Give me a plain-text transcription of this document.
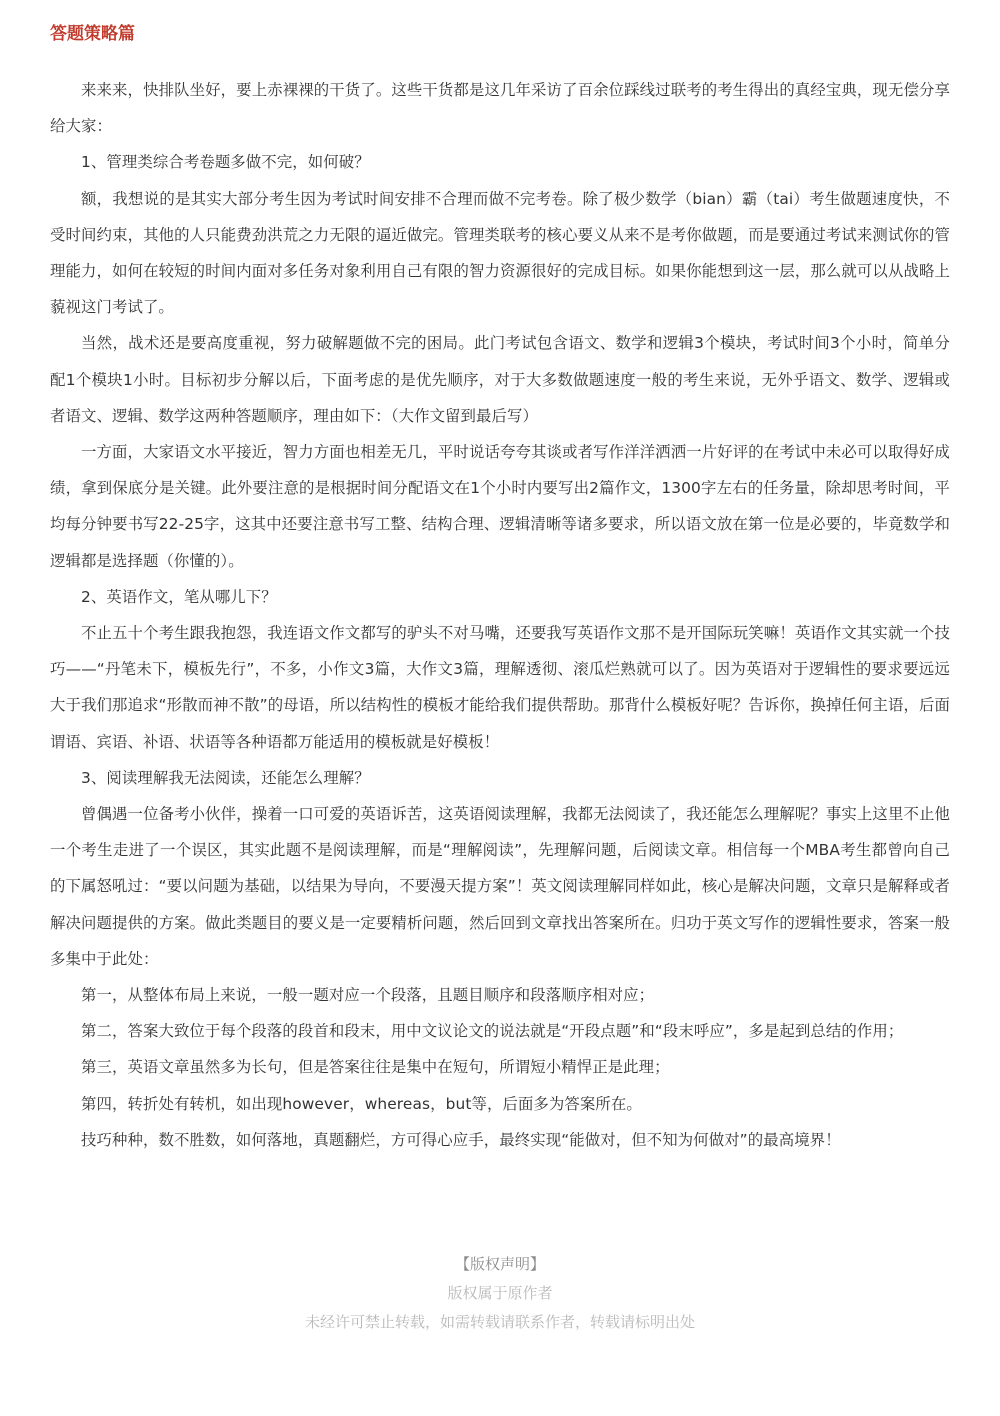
答题策略篇

来来来，快排队坐好，要上赤裸裸的干货了。这些干货都是这几年采访了百余位踩线过联考的考生得出的真经宝典，现无偿分享给大家：

1、管理类综合考卷题多做不完，如何破？

额，我想说的是其实大部分考生因为考试时间安排不合理而做不完考卷。除了极少数学（bian）霸（tai）考生做题速度快，不受时间约束，其他的人只能费劲洪荒之力无限的逼近做完。管理类联考的核心要义从来不是考你做题，而是要通过考试来测试你的管理能力，如何在较短的时间内面对多任务对象利用自己有限的智力资源很好的完成目标。如果你能想到这一层，那么就可以从战略上藐视这门考试了。

当然，战术还是要高度重视，努力破解题做不完的困局。此门考试包含语文、数学和逻辑3个模块，考试时间3个小时，简单分配1个模块1小时。目标初步分解以后，下面考虑的是优先顺序，对于大多数做题速度一般的考生来说，无外乎语文、数学、逻辑或者语文、逻辑、数学这两种答题顺序，理由如下：（大作文留到最后写）

一方面，大家语文水平接近，智力方面也相差无几，平时说话夸夸其谈或者写作洋洋洒洒一片好评的在考试中未必可以取得好成绩，拿到保底分是关键。此外要注意的是根据时间分配语文在1个小时内要写出2篇作文，1300字左右的任务量，除却思考时间，平均每分钟要书写22-25字，这其中还要注意书写工整、结构合理、逻辑清晰等诸多要求，所以语文放在第一位是必要的，毕竟数学和逻辑都是选择题（你懂的）。

2、英语作文，笔从哪儿下？

不止五十个考生跟我抱怨，我连语文作文都写的驴头不对马嘴，还要我写英语作文那不是开国际玩笑嘛！英语作文其实就一个技巧——“丹笔未下，模板先行”，不多，小作文3篇，大作文3篇，理解透彻、滚瓜烂熟就可以了。因为英语对于逻辑性的要求要远远大于我们那追求“形散而神不散”的母语，所以结构性的模板才能给我们提供帮助。那背什么模板好呢？告诉你，换掉任何主语，后面谓语、宾语、补语、状语等各种语都万能适用的模板就是好模板！

3、阅读理解我无法阅读，还能怎么理解？

曾偶遇一位备考小伙伴，操着一口可爱的英语诉苦，这英语阅读理解，我都无法阅读了，我还能怎么理解呢？事实上这里不止他一个考生走进了一个误区，其实此题不是阅读理解，而是“理解阅读”，先理解问题，后阅读文章。相信每一个MBA考生都曾向自己的下属怒吼过：“要以问题为基础，以结果为导向，不要漫天提方案”！英文阅读理解同样如此，核心是解决问题，文章只是解释或者解决问题提供的方案。做此类题目的要义是一定要精析问题，然后回到文章找出答案所在。归功于英文写作的逻辑性要求，答案一般多集中于此处：

第一，从整体布局上来说，一般一题对应一个段落，且题目顺序和段落顺序相对应；

第二，答案大致位于每个段落的段首和段末，用中文议论文的说法就是“开段点题”和“段末呼应”，多是起到总结的作用；

第三，英语文章虽然多为长句，但是答案往往是集中在短句，所谓短小精悍正是此理；

第四，转折处有转机，如出现however，whereas，but等，后面多为答案所在。

技巧种种，数不胜数，如何落地，真题翻烂，方可得心应手，最终实现“能做对，但不知为何做对”的最高境界！

【版权声明】
版权属于原作者
未经许可禁止转载，如需转载请联系作者，转载请标明出处
